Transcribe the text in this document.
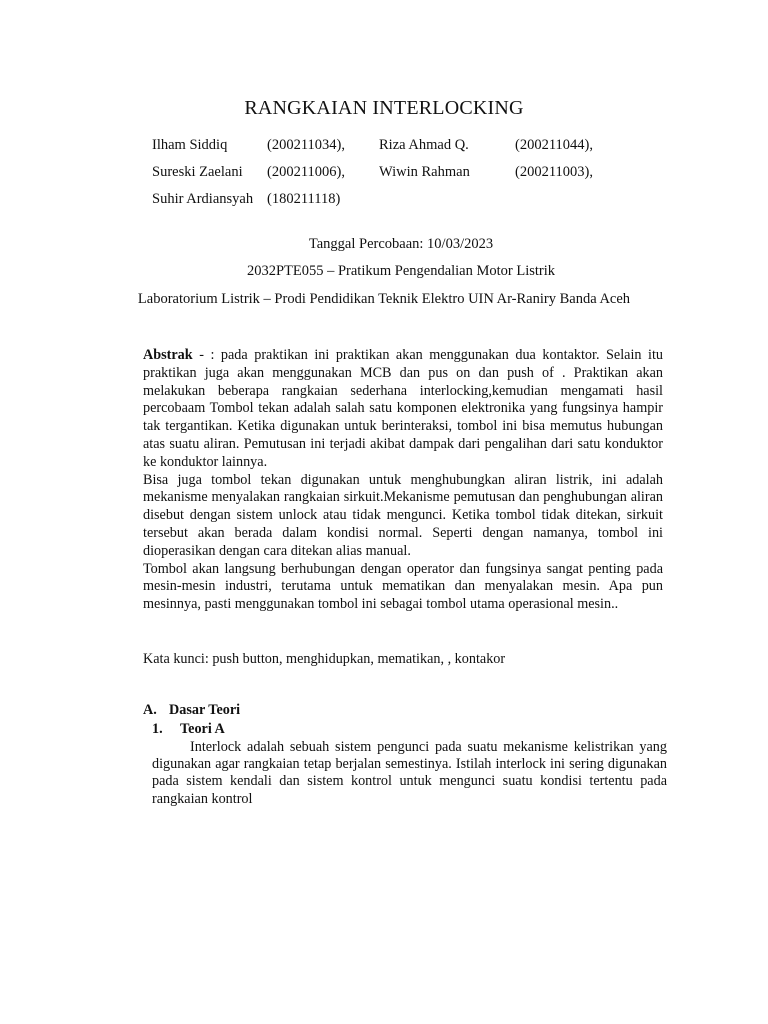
RANGKAIAN INTERLOCKING
Ilham Siddiq	(200211034), Riza Ahmad Q.	(200211044),
Sureski Zaelani (200211006), Wiwin Rahman	(200211003),
Suhir Ardiansyah (180211118)
Tanggal Percobaan: 10/03/2023
2032PTE055 – Pratikum Pengendalian Motor Listrik
Laboratorium Listrik – Prodi Pendidikan Teknik Elektro UIN Ar-Raniry Banda Aceh

Abstrak - : pada praktikan ini praktikan akan menggunakan dua kontaktor. Selain itu praktikan juga akan menggunakan MCB dan pus on dan push of . Praktikan akan melakukan beberapa rangkaian sederhana interlocking,kemudian mengamati hasil percobaam Tombol tekan adalah salah satu komponen elektronika yang fungsinya hampir tak tergantikan. Ketika digunakan untuk berinteraksi, tombol ini bisa memutus hubungan atas suatu aliran. Pemutusan ini terjadi akibat dampak dari pengalihan dari satu konduktor ke konduktor lainnya.

Bisa juga tombol tekan digunakan untuk menghubungkan aliran listrik, ini adalah mekanisme menyalakan rangkaian sirkuit.Mekanisme pemutusan dan penghubungan aliran disebut dengan sistem unlock atau tidak mengunci. Ketika tombol tidak ditekan, sirkuit tersebut akan berada dalam kondisi normal. Seperti dengan namanya, tombol ini dioperasikan dengan cara ditekan alias manual.

Tombol akan langsung berhubungan dengan operator dan fungsinya sangat penting pada mesin-mesin industri, terutama untuk mematikan dan menyalakan mesin. Apa pun mesinnya, pasti menggunakan tombol ini sebagai tombol utama operasional mesin..

Kata kunci: push button, menghidupkan, mematikan, , kontakor
A. Dasar Teori
1. Teori A

Interlock adalah sebuah sistem pengunci pada suatu mekanisme kelistrikan yang digunakan agar rangkaian tetap berjalan semestinya. Istilah interlock ini sering digunakan pada sistem kendali dan sistem kontrol untuk mengunci suatu kondisi tertentu pada rangkaian kontrol
